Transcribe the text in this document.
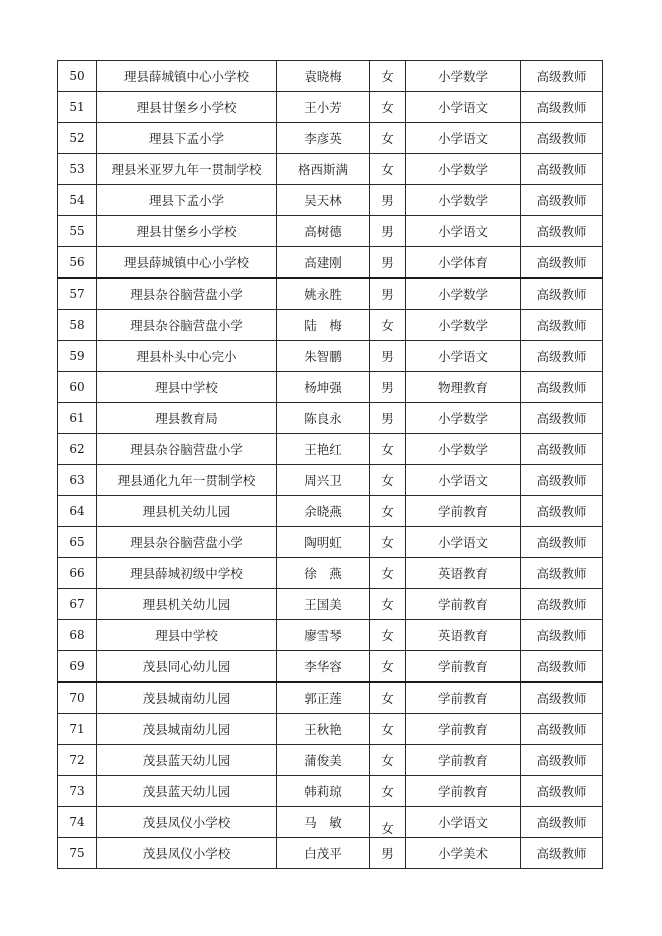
50	理县薛城镇中心小学校	袁晓梅	女	小学数学	高级教师
51	理县甘堡乡小学校	王小芳	女	小学语文	高级教师
52	理县下孟小学	李彦英	女	小学语文	高级教师
53	理县米亚罗九年一贯制学校	格西斯满	女	小学数学	高级教师
54	理县下孟小学	吴天林	男	小学数学	高级教师
55	理县甘堡乡小学校	高树德	男	小学语文	高级教师
56	理县薛城镇中心小学校	高建刚	男	小学体育	高级教师
57	理县杂谷脑营盘小学	姚永胜	男	小学数学	高级教师
58	理县杂谷脑营盘小学	陆　梅	女	小学数学	高级教师
59	理县朴头中心完小	朱智鹏	男	小学语文	高级教师
60	理县中学校	杨坤强	男	物理教育	高级教师
61	理县教育局	陈良永	男	小学数学	高级教师
62	理县杂谷脑营盘小学	王艳红	女	小学数学	高级教师
63	理县通化九年一贯制学校	周兴卫	女	小学语文	高级教师
64	理县机关幼儿园	余晓燕	女	学前教育	高级教师
65	理县杂谷脑营盘小学	陶明虹	女	小学语文	高级教师
66	理县薛城初级中学校	徐　燕	女	英语教育	高级教师
67	理县机关幼儿园	王国美	女	学前教育	高级教师
68	理县中学校	廖雪琴	女	英语教育	高级教师
69	茂县同心幼儿园	李华容	女	学前教育	高级教师
70	茂县城南幼儿园	郭正莲	女	学前教育	高级教师
71	茂县城南幼儿园	王秋艳	女	学前教育	高级教师
72	茂县蓝天幼儿园	蒲俊美	女	学前教育	高级教师
73	茂县蓝天幼儿园	韩莉琼	女	学前教育	高级教师
74	茂县凤仪小学校	马　敏	女	小学语文	高级教师
75	茂县凤仪小学校	白茂平	男	小学美术	高级教师
